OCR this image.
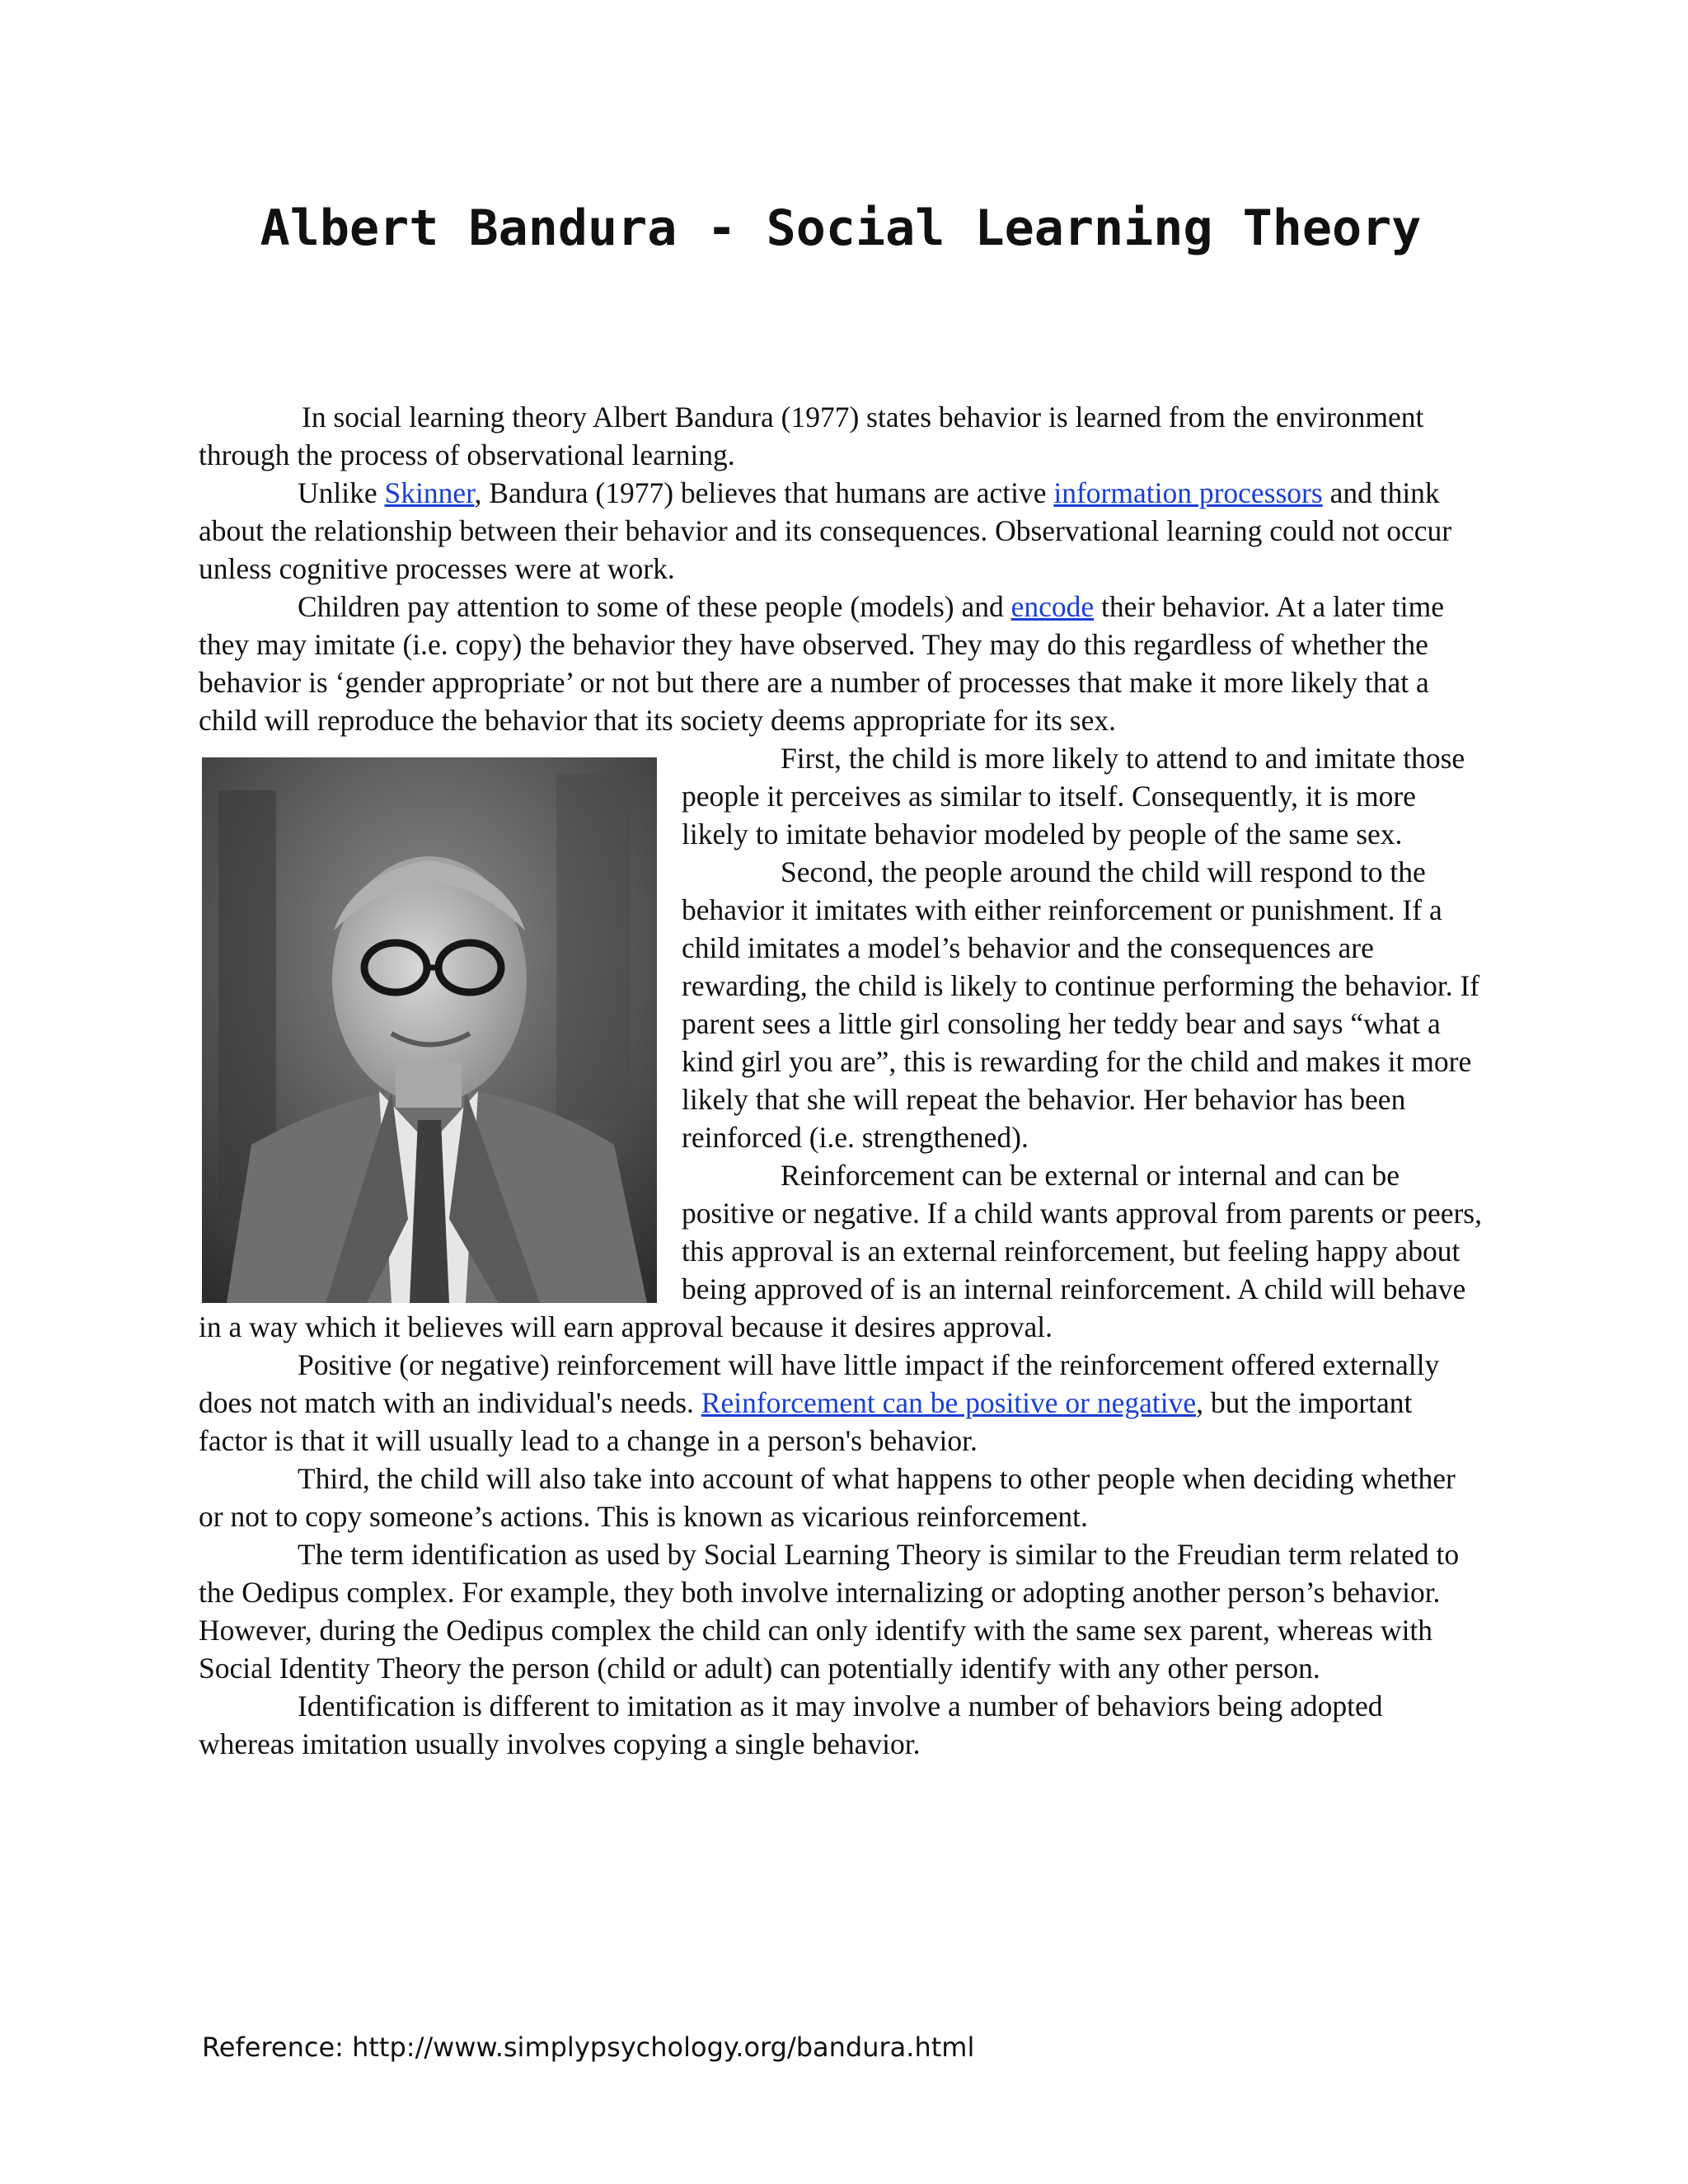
Albert Bandura - Social Learning Theory

In social learning theory Albert Bandura (1977) states behavior is learned from the environment through the process of observational learning.

Unlike Skinner, Bandura (1977) believes that humans are active information processors and think about the relationship between their behavior and its consequences. Observational learning could not occur unless cognitive processes were at work.

Children pay attention to some of these people (models) and encode their behavior. At a later time they may imitate (i.e. copy) the behavior they have observed. They may do this regardless of whether the behavior is ‘gender appropriate’ or not but there are a number of processes that make it more likely that a child will reproduce the behavior that its society deems appropriate for its sex.

First, the child is more likely to attend to and imitate those people it perceives as similar to itself. Consequently, it is more likely to imitate behavior modeled by people of the same sex.

Second, the people around the child will respond to the behavior it imitates with either reinforcement or punishment. If a child imitates a model’s behavior and the consequences are rewarding, the child is likely to continue performing the behavior. If parent sees a little girl consoling her teddy bear and says “what a kind girl you are”, this is rewarding for the child and makes it more likely that she will repeat the behavior. Her behavior has been reinforced (i.e. strengthened).

Reinforcement can be external or internal and can be positive or negative. If a child wants approval from parents or peers, this approval is an external reinforcement, but feeling happy about being approved of is an internal reinforcement. A child will behave in a way which it believes will earn approval because it desires approval.

Positive (or negative) reinforcement will have little impact if the reinforcement offered externally does not match with an individual's needs. Reinforcement can be positive or negative, but the important factor is that it will usually lead to a change in a person's behavior.

Third, the child will also take into account of what happens to other people when deciding whether or not to copy someone’s actions. This is known as vicarious reinforcement.

The term identification as used by Social Learning Theory is similar to the Freudian term related to the Oedipus complex. For example, they both involve internalizing or adopting another person’s behavior. However, during the Oedipus complex the child can only identify with the same sex parent, whereas with Social Identity Theory the person (child or adult) can potentially identify with any other person.

Identification is different to imitation as it may involve a number of behaviors being adopted whereas imitation usually involves copying a single behavior.

Reference: http://www.simplypsychology.org/bandura.html
